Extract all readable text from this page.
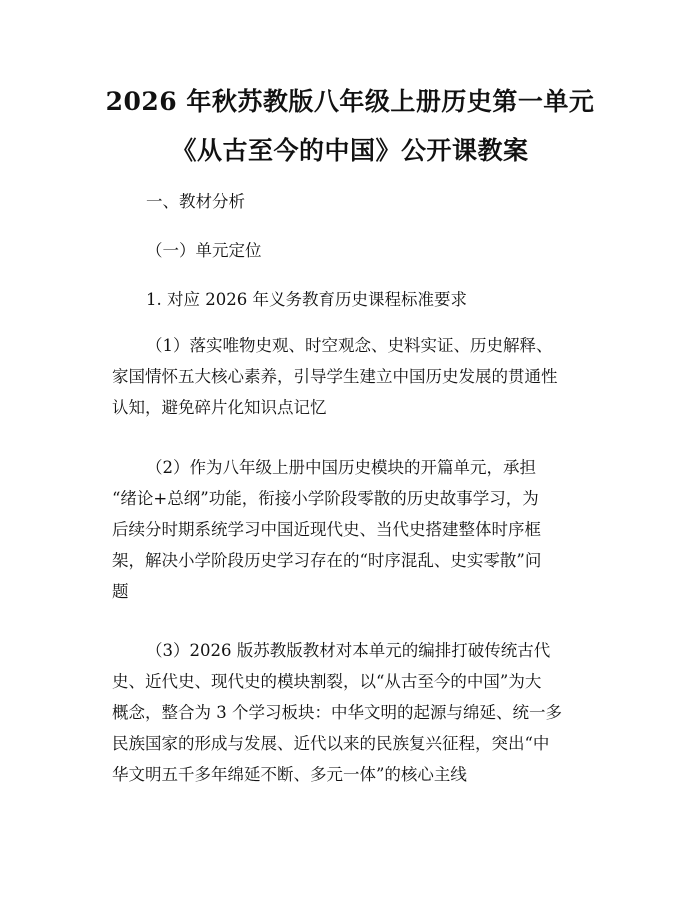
2026 年秋苏教版八年级上册历史第一单元
《从古至今的中国》公开课教案
一、教材分析
（一）单元定位
1. 对应 2026 年义务教育历史课程标准要求
（1）落实唯物史观、时空观念、史料实证、历史解释、
家国情怀五大核心素养，引导学生建立中国历史发展的贯通性
认知，避免碎片化知识点记忆
（2）作为八年级上册中国历史模块的开篇单元，承担
“绪论+总纲”功能，衔接小学阶段零散的历史故事学习，为
后续分时期系统学习中国近现代史、当代史搭建整体时序框
架，解决小学阶段历史学习存在的“时序混乱、史实零散”问
题
（3）2026 版苏教版教材对本单元的编排打破传统古代
史、近代史、现代史的模块割裂，以“从古至今的中国”为大
概念，整合为 3 个学习板块：中华文明的起源与绵延、统一多
民族国家的形成与发展、近代以来的民族复兴征程，突出“中
华文明五千多年绵延不断、多元一体”的核心主线
